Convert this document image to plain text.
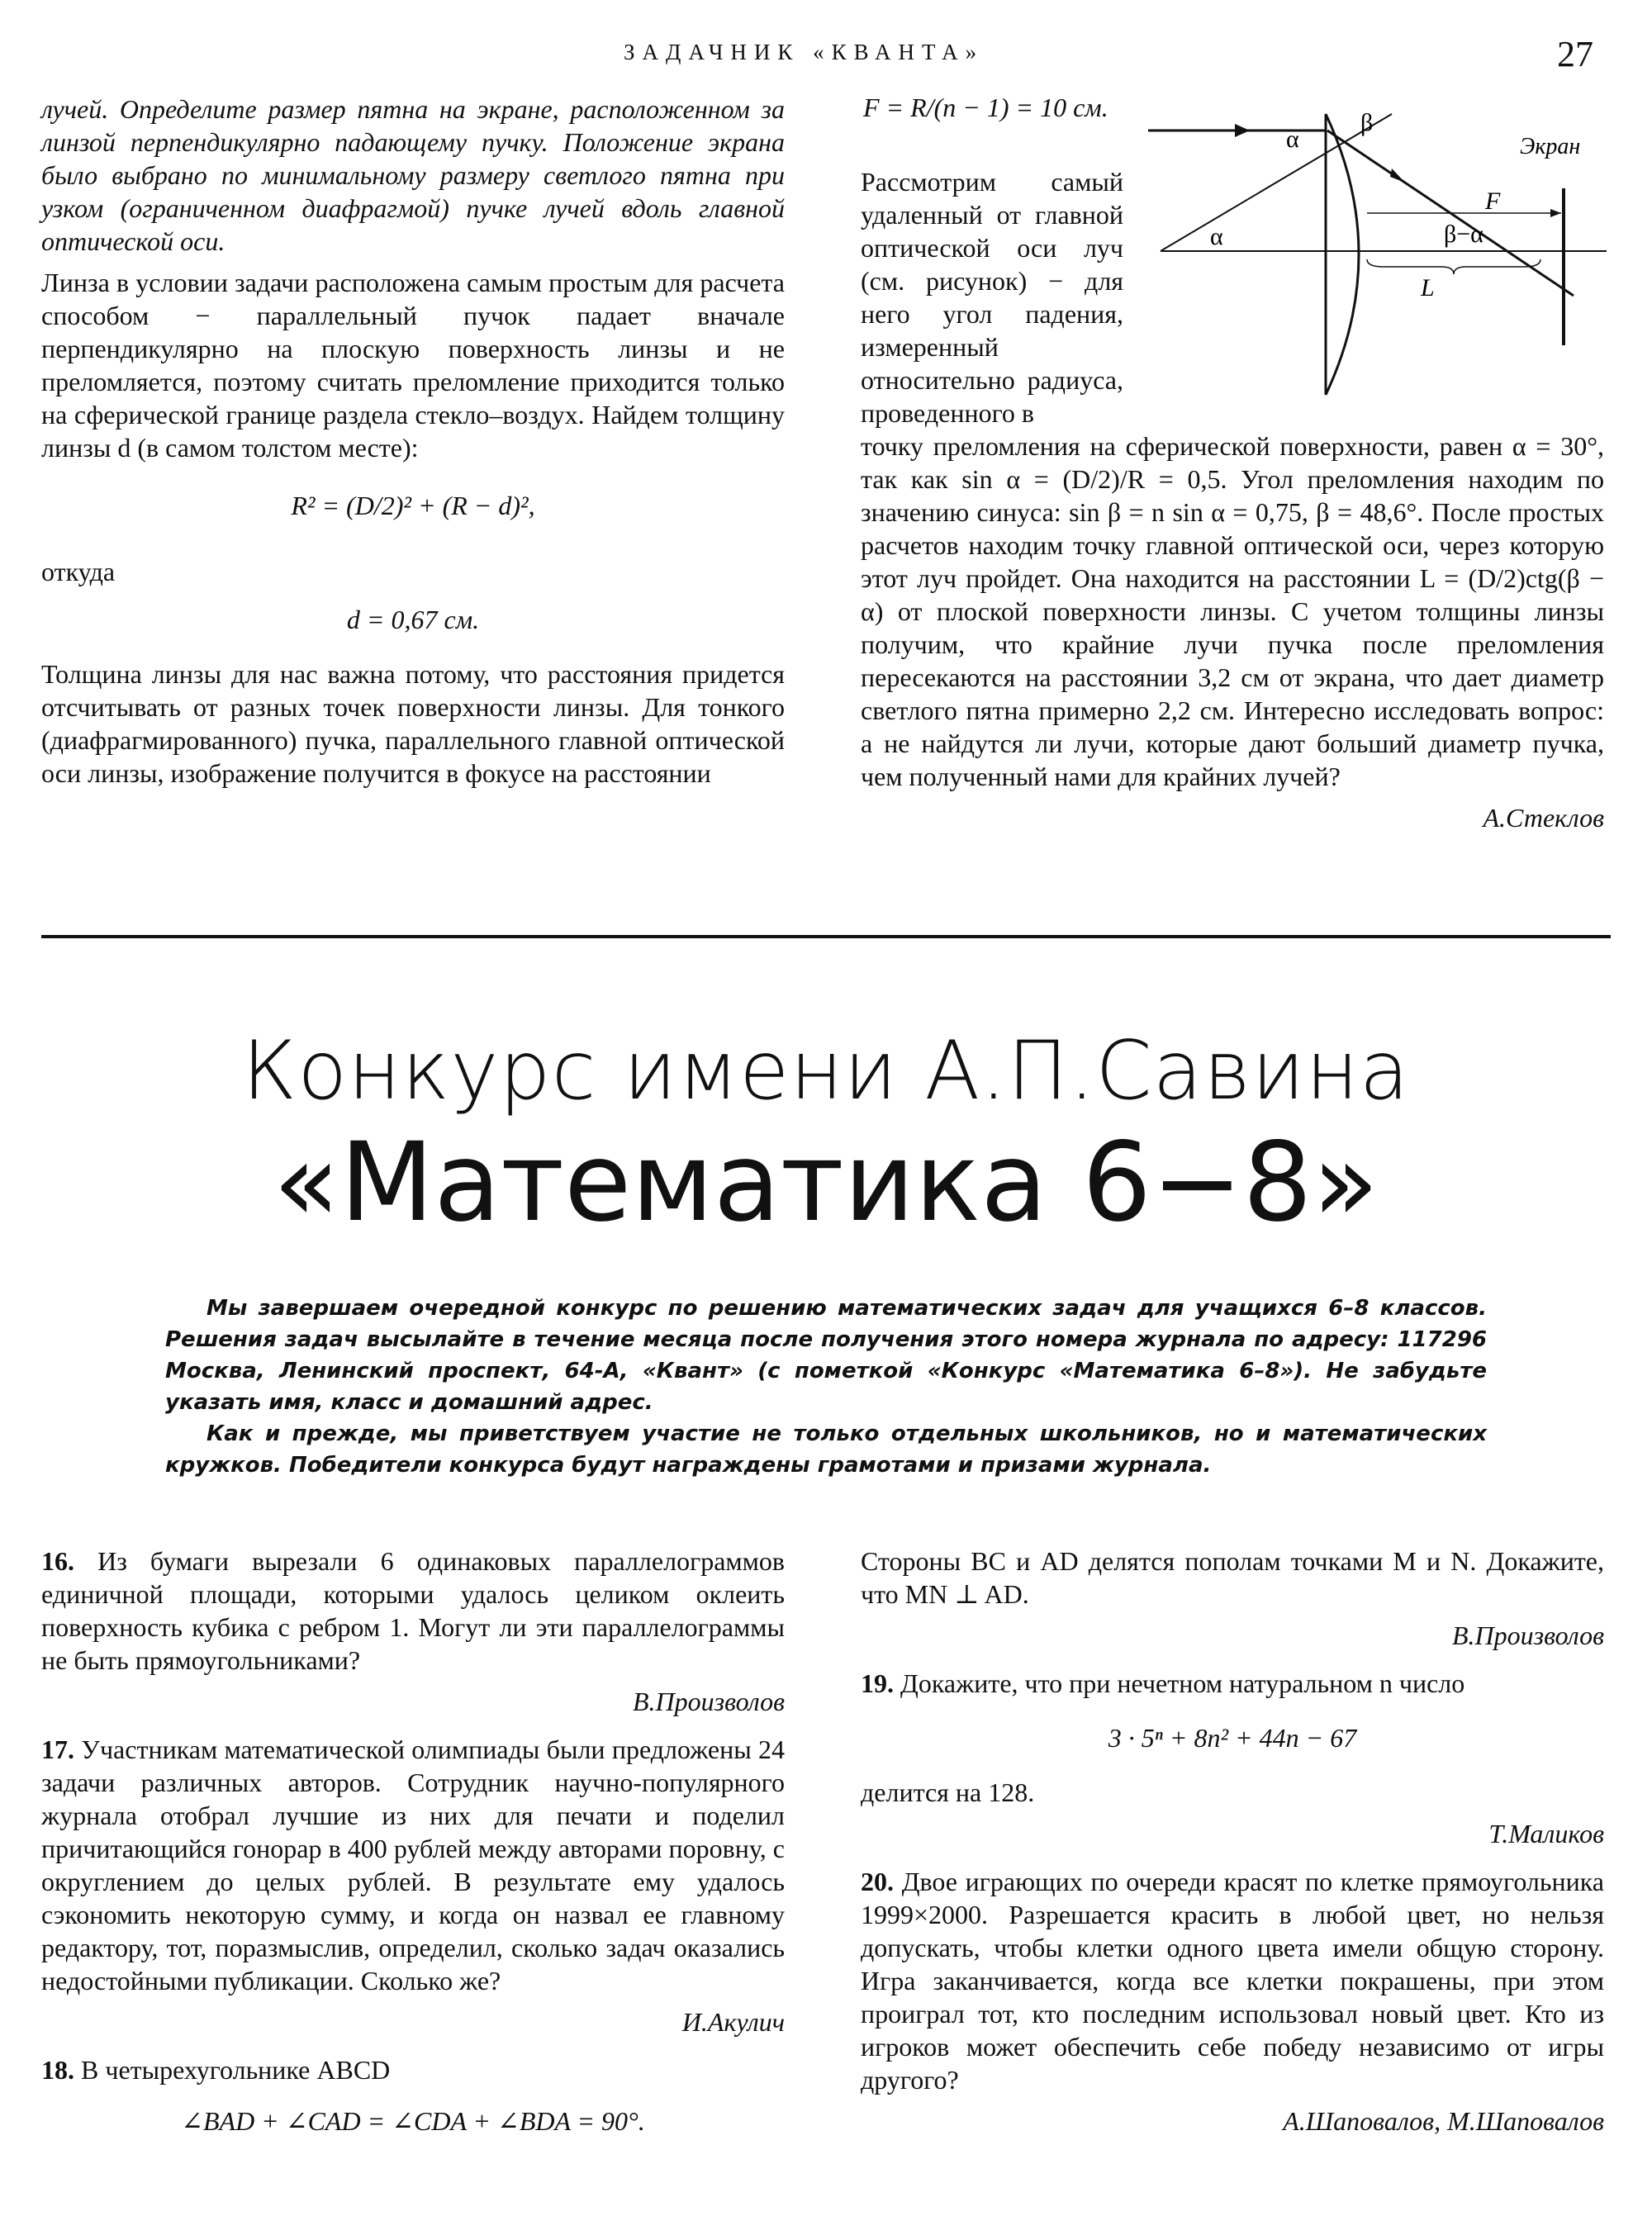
ЗАДАЧНИК «КВАНТА»	27

лучей. Определите размер пятна на экране, расположенном за линзой перпендикулярно падающему пучку. Положение экрана было выбрано по минимальному размеру светлого пятна при узком (ограниченном диафрагмой) пучке лучей вдоль главной оптической оси.

Линза в условии задачи расположена самым простым для расчета способом − параллельный пучок падает вначале перпендикулярно на плоскую поверхность линзы и не преломляется, поэтому считать преломление приходится только на сферической границе раздела стекло–воздух. Найдем толщину линзы d (в самом толстом месте):

R² = (D/2)² + (R − d)²,

откуда

d = 0,67 см.

Толщина линзы для нас важна потому, что расстояния придется отсчитывать от разных точек поверхности линзы. Для тонкого (диафрагмированного) пучка, параллельного главной оптической оси линзы, изображение получится в фокусе на расстоянии

F = R/(n − 1) = 10 см.
Рассмотрим самый удаленный от главной оптической оси луч (см. рисунок) − для него угол падения, измеренный относительно радиуса, проведенного в
α
α
β
Экран
F
β−α
L

точку преломления на сферической поверхности, равен α = 30°, так как sin α = (D/2)/R = 0,5. Угол преломления находим по значению синуса: sin β = n sin α = 0,75, β = 48,6°. После простых расчетов находим точку главной оптической оси, через которую этот луч пройдет. Она находится на расстоянии L = (D/2)ctg(β − α) от плоской поверхности линзы. С учетом толщины линзы получим, что крайние лучи пучка после преломления пересекаются на расстоянии 3,2 см от экрана, что дает диаметр светлого пятна примерно 2,2 см. Интересно исследовать вопрос: а не найдутся ли лучи, которые дают больший диаметр пучка, чем полученный нами для крайних лучей?

А.Стеклов
Конкурс имени А.П.Савина
«Математика 6−8»

Мы завершаем очередной конкурс по решению математических задач для учащихся 6–8 классов. Решения задач высылайте в течение месяца после получения этого номера журнала по адресу: 117296 Москва, Ленинский проспект, 64-А, «Квант» (с пометкой «Конкурс «Математика 6–8»). Не забудьте указать имя, класс и домашний адрес.

Как и прежде, мы приветствуем участие не только отдельных школьников, но и математических кружков. Победители конкурса будут награждены грамотами и призами журнала.

16. Из бумаги вырезали 6 одинаковых параллелограммов единичной площади, которыми удалось целиком оклеить поверхность кубика с ребром 1. Могут ли эти параллелограммы не быть прямоугольниками?

В.Произволов

17. Участникам математической олимпиады были предложены 24 задачи различных авторов. Сотрудник научно-популярного журнала отобрал лучшие из них для печати и поделил причитающийся гонорар в 400 рублей между авторами поровну, с округлением до целых рублей. В результате ему удалось сэкономить некоторую сумму, и когда он назвал ее главному редактору, тот, поразмыслив, определил, сколько задач оказались недостойными публикации. Сколько же?

И.Акулич

18. В четырехугольнике ABCD

∠BAD + ∠CAD = ∠CDA + ∠BDA = 90°.

Стороны BC и AD делятся пополам точками M и N. Докажите, что MN ⊥ AD.

В.Произволов

19. Докажите, что при нечетном натуральном n число

3 · 5ⁿ + 8n² + 44n − 67

делится на 128.

Т.Маликов

20. Двое играющих по очереди красят по клетке прямоугольника 1999×2000. Разрешается красить в любой цвет, но нельзя допускать, чтобы клетки одного цвета имели общую сторону. Игра заканчивается, когда все клетки покрашены, при этом проиграл тот, кто последним использовал новый цвет. Кто из игроков может обеспечить себе победу независимо от игры другого?

А.Шаповалов, М.Шаповалов
